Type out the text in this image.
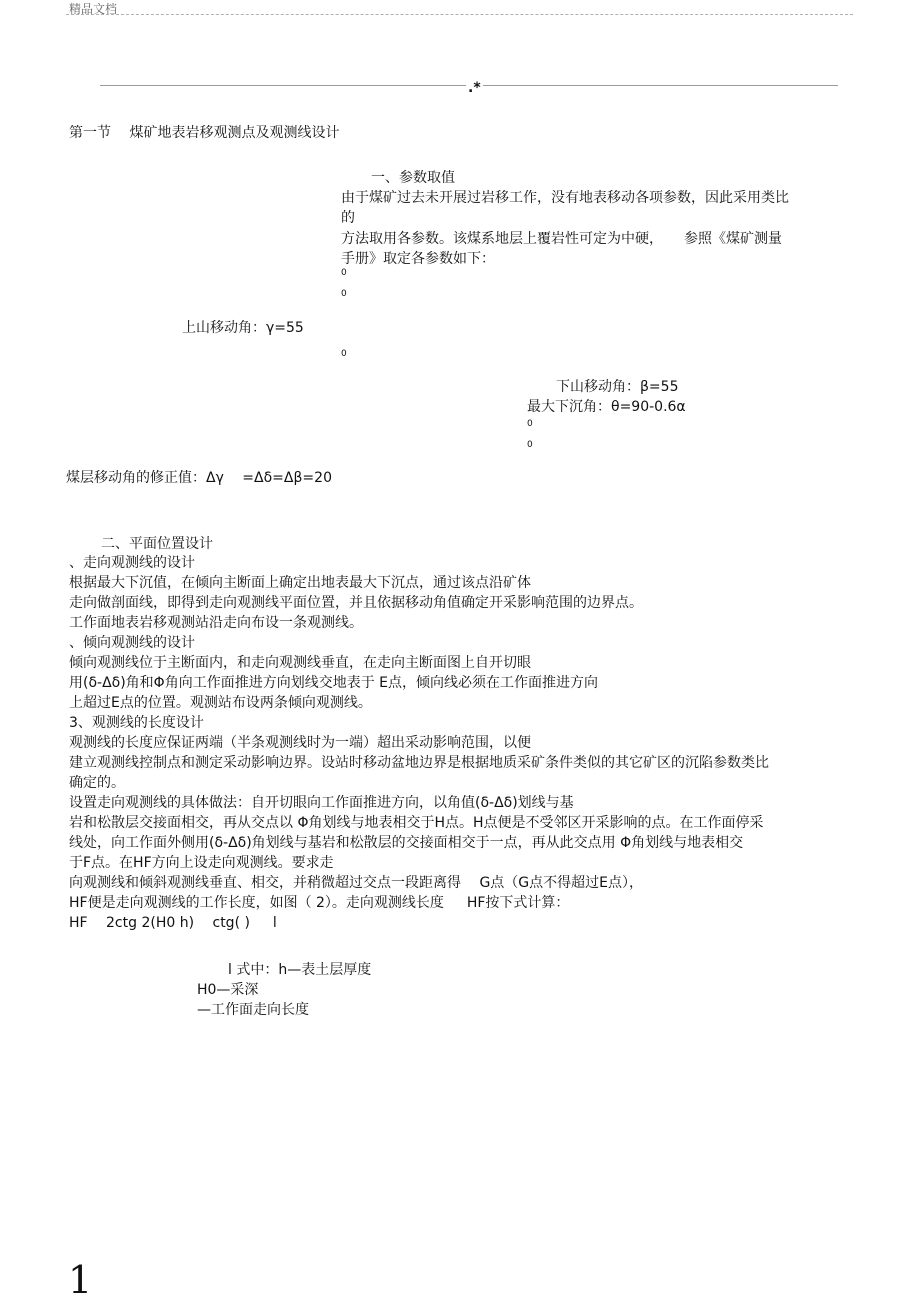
精品文档
.*
第一节 　煤矿地表岩移观测点及观测线设计
一、参数取值
由于煤矿过去未开展过岩移工作，没有地表移动各项参数，因此采用类比
的
方法取用各参数。该煤系地层上覆岩性可定为中硬，　　参照《煤矿测量
手册》取定各参数如下：
0
0
上山移动角：γ=55
0
下山移动角：β=55
最大下沉角：θ=90-0.6α
0
0
煤层移动角的修正值：Δγ 　=Δδ=Δβ=20
二、平面位置设计
、走向观测线的设计
根据最大下沉值，在倾向主断面上确定出地表最大下沉点，通过该点沿矿体
走向做剖面线，即得到走向观测线平面位置，并且依据移动角值确定开采影响范围的边界点。
工作面地表岩移观测站沿走向布设一条观测线。
、倾向观测线的设计
倾向观测线位于主断面内，和走向观测线垂直，在走向主断面图上自开切眼
用(δ-Δδ)角和Φ角向工作面推进方向划线交地表于 E点，倾向线必须在工作面推进方向
上超过E点的位置。观测站布设两条倾向观测线。
3、观测线的长度设计
观测线的长度应保证两端（半条观测线时为一端）超出采动影响范围，以便
建立观测线控制点和测定采动影响边界。设站时移动盆地边界是根据地质采矿条件类似的其它矿区的沉陷参数类比
确定的。
设置走向观测线的具体做法：自开切眼向工作面推进方向，以角值(δ-Δδ)划线与基
岩和松散层交接面相交，再从交点以 Φ角划线与地表相交于H点。H点便是不受邻区开采影响的点。在工作面停采
线处，向工作面外侧用(δ-Δδ)角划线与基岩和松散层的交接面相交于一点，再从此交点用 Φ角划线与地表相交
于F点。在HF方向上设走向观测线。要求走
向观测线和倾斜观测线垂直、相交，并稍微超过交点一段距离得 　G点（G点不得超过E点），
HF便是走向观测线的工作长度，如图（ 2）。走向观测线长度 　 HF按下式计算：
HF 　2ctg 2(H0 h) 　ctg( ) 　 l
l 式中：h—表土层厚度
H0—采深
—工作面走向长度
1
